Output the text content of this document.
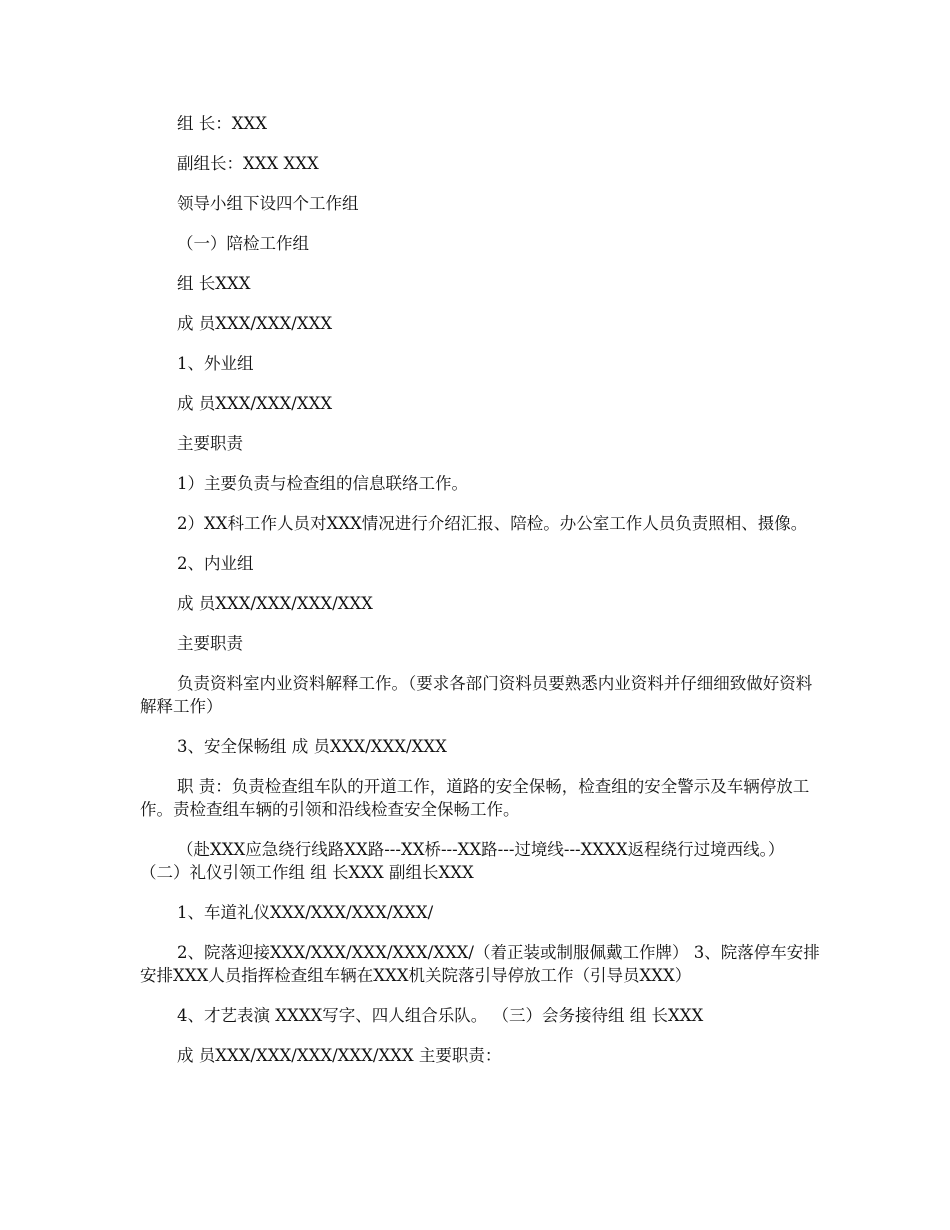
组 长：XXX

副组长：XXX XXX

领导小组下设四个工作组

（一）陪检工作组

组 长XXX

成 员XXX/XXX/XXX

1、外业组

成 员XXX/XXX/XXX

主要职责

1）主要负责与检查组的信息联络工作。

2）XX科工作人员对XXX情况进行介绍汇报、陪检。办公室工作人员负责照相、摄像。

2、内业组

成 员XXX/XXX/XXX/XXX

主要职责

负责资料室内业资料解释工作。（要求各部门资料员要熟悉内业资料并仔细细致做好资料解释工作）

3、安全保畅组 成 员XXX/XXX/XXX

职 责：负责检查组车队的开道工作，道路的安全保畅，检查组的安全警示及车辆停放工作。责检查组车辆的引领和沿线检查安全保畅工作。

（赴XXX应急绕行线路XX路---XX桥---XX路---过境线---XXXX返程绕行过境西线。） （二）礼仪引领工作组 组 长XXX 副组长XXX

1、车道礼仪XXX/XXX/XXX/XXX/

2、院落迎接XXX/XXX/XXX/XXX/XXX/（着正装或制服佩戴工作牌） 3、院落停车安排安排XXX人员指挥检查组车辆在XXX机关院落引导停放工作（引导员XXX）

4、才艺表演 XXXX写字、四人组合乐队。 （三）会务接待组 组 长XXX

成 员XXX/XXX/XXX/XXX/XXX 主要职责：
